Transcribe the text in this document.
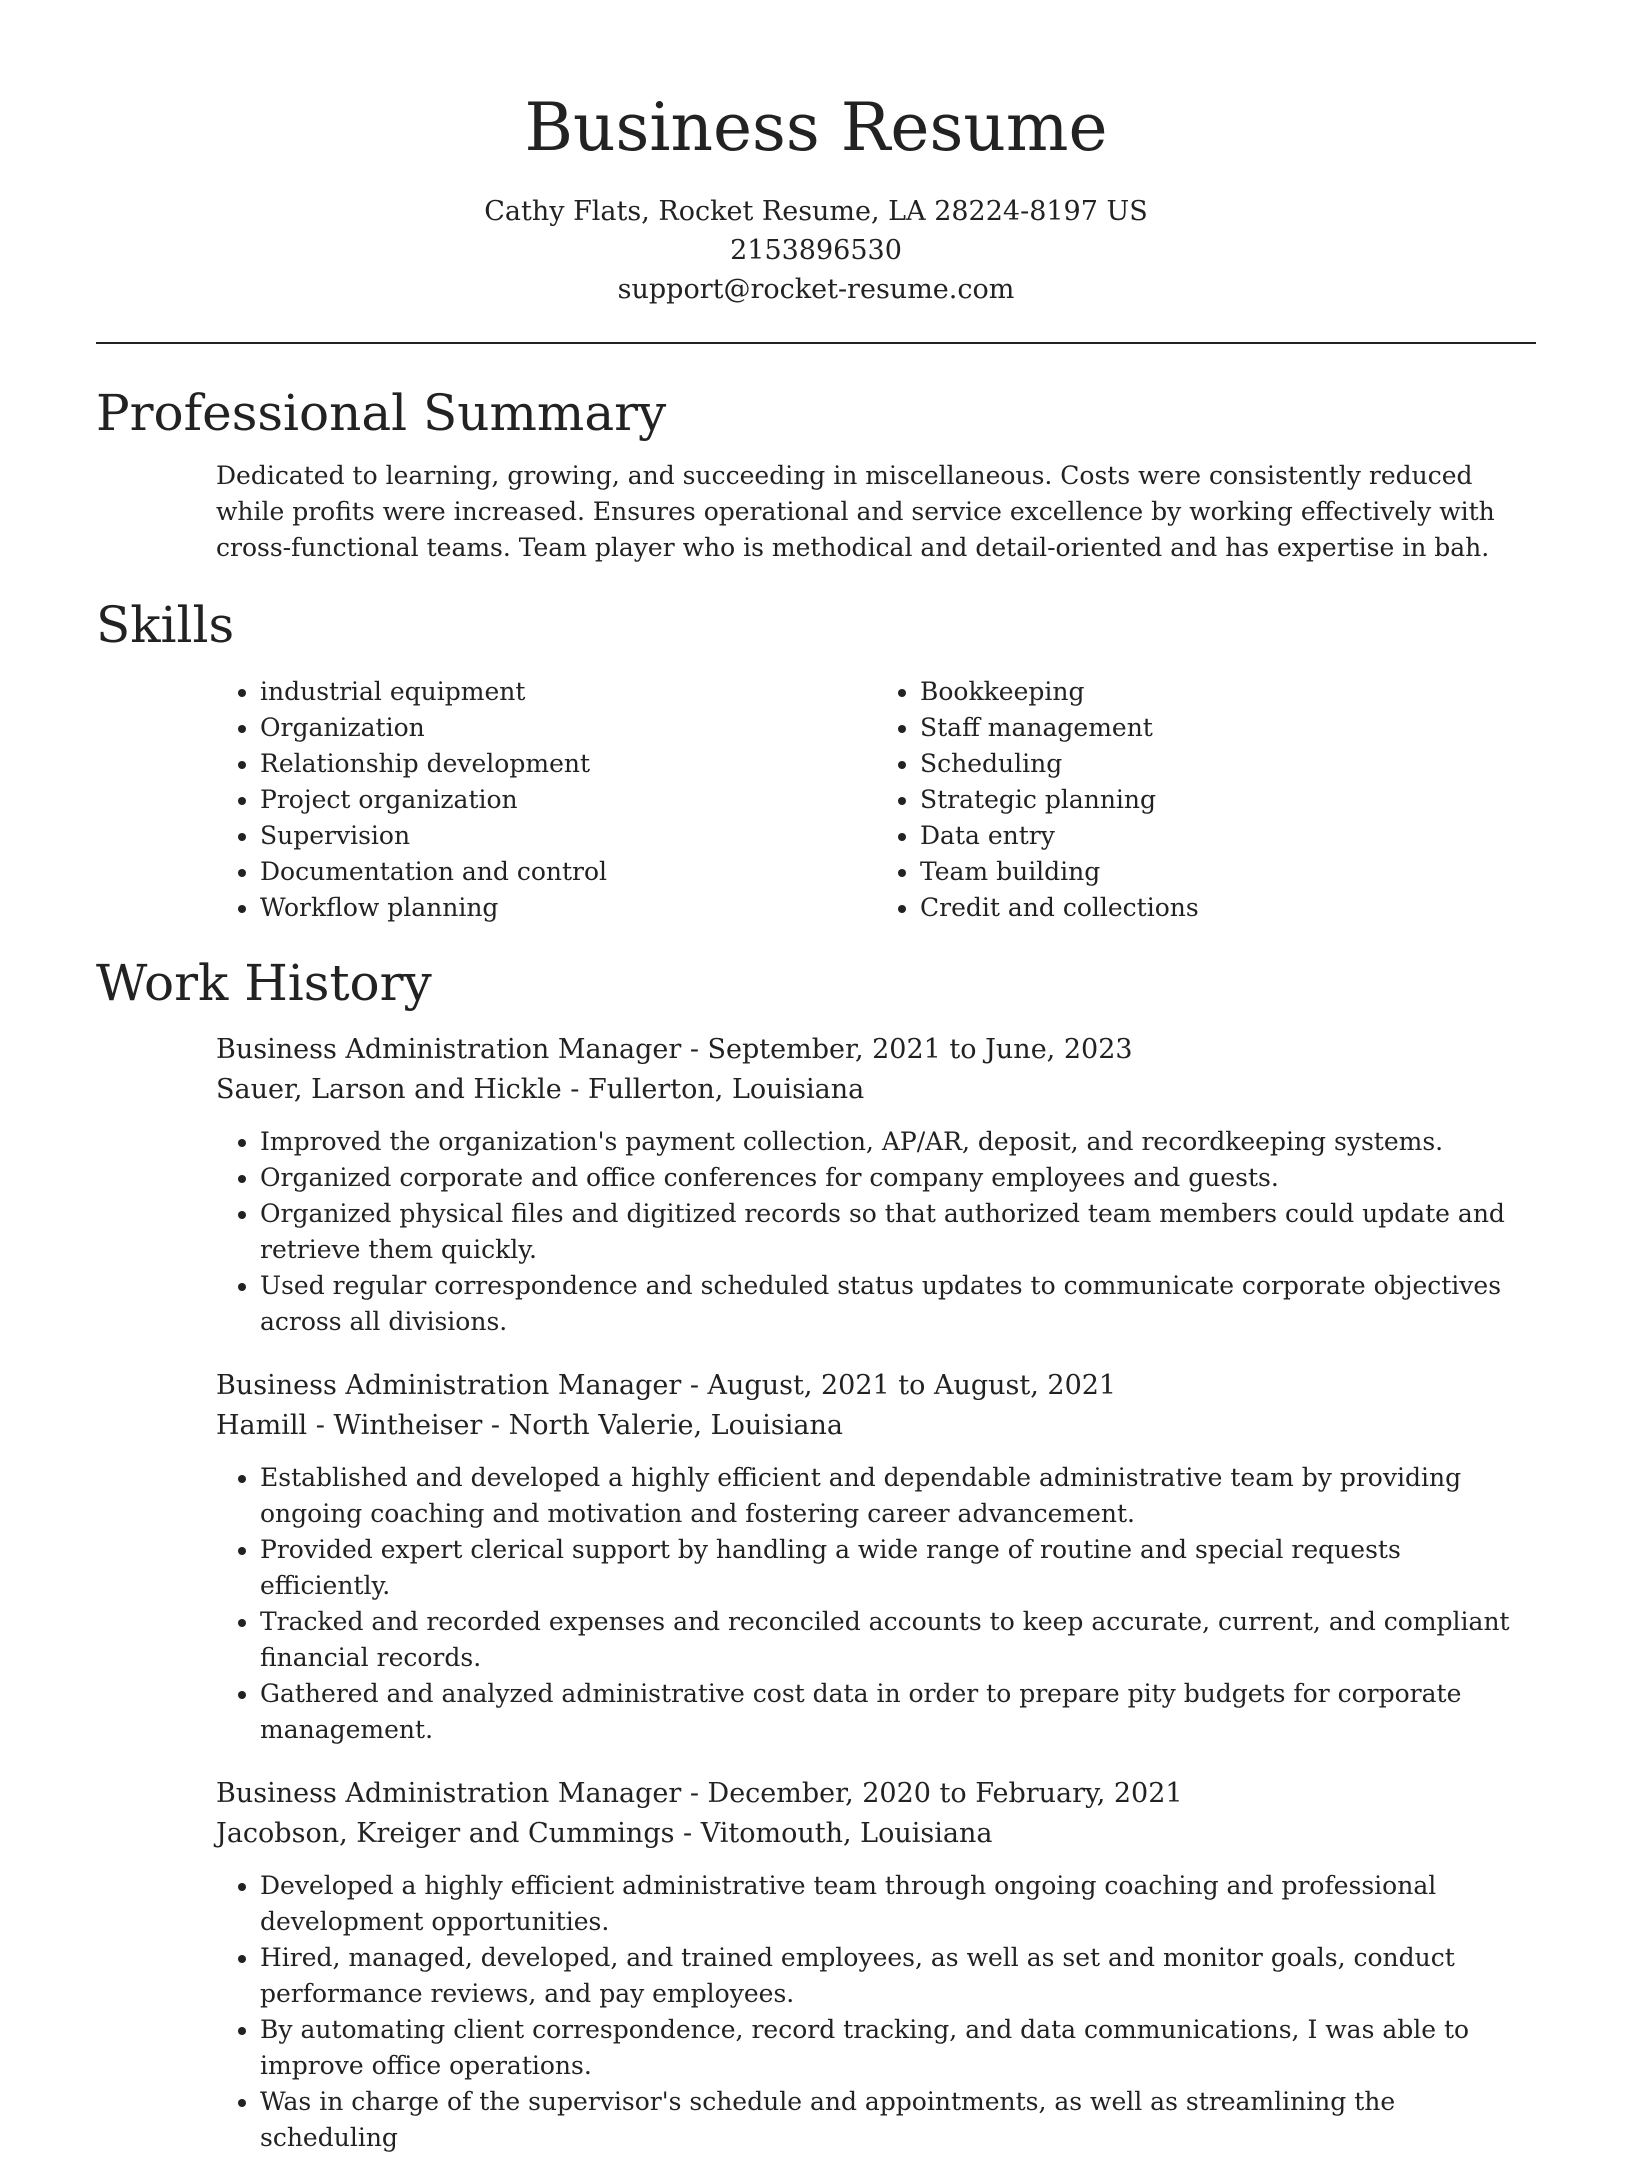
Business Resume
Cathy Flats, Rocket Resume, LA 28224-8197 US
2153896530
support@rocket-resume.com
Professional Summary

Dedicated to learning, growing, and succeeding in miscellaneous. Costs were consistently reduced while profits were increased. Ensures operational and service excellence by working effectively with cross-functional teams. Team player who is methodical and detail-oriented and has expertise in bah.

Skills
• industrial equipment
• Organization
• Relationship development
• Project organization
• Supervision
• Documentation and control
• Workflow planning
• Bookkeeping
• Staff management
• Scheduling
• Strategic planning
• Data entry
• Team building
• Credit and collections
Work History
Business Administration Manager - September, 2021 to June, 2023
Sauer, Larson and Hickle - Fullerton, Louisiana
• Improved the organization's payment collection, AP/AR, deposit, and recordkeeping systems.
• Organized corporate and office conferences for company employees and guests.
• Organized physical files and digitized records so that authorized team members could update and retrieve them quickly.
• Used regular correspondence and scheduled status updates to communicate corporate objectives across all divisions.
Business Administration Manager - August, 2021 to August, 2021
Hamill - Wintheiser - North Valerie, Louisiana
• Established and developed a highly efficient and dependable administrative team by providing ongoing coaching and motivation and fostering career advancement.
• Provided expert clerical support by handling a wide range of routine and special requests efficiently.
• Tracked and recorded expenses and reconciled accounts to keep accurate, current, and compliant financial records.
• Gathered and analyzed administrative cost data in order to prepare pity budgets for corporate management.
Business Administration Manager - December, 2020 to February, 2021
Jacobson, Kreiger and Cummings - Vitomouth, Louisiana
• Developed a highly efficient administrative team through ongoing coaching and professional development opportunities.
• Hired, managed, developed, and trained employees, as well as set and monitor goals, conduct performance reviews, and pay employees.
• By automating client correspondence, record tracking, and data communications, I was able to improve office operations.
• Was in charge of the supervisor's schedule and appointments, as well as streamlining the scheduling
